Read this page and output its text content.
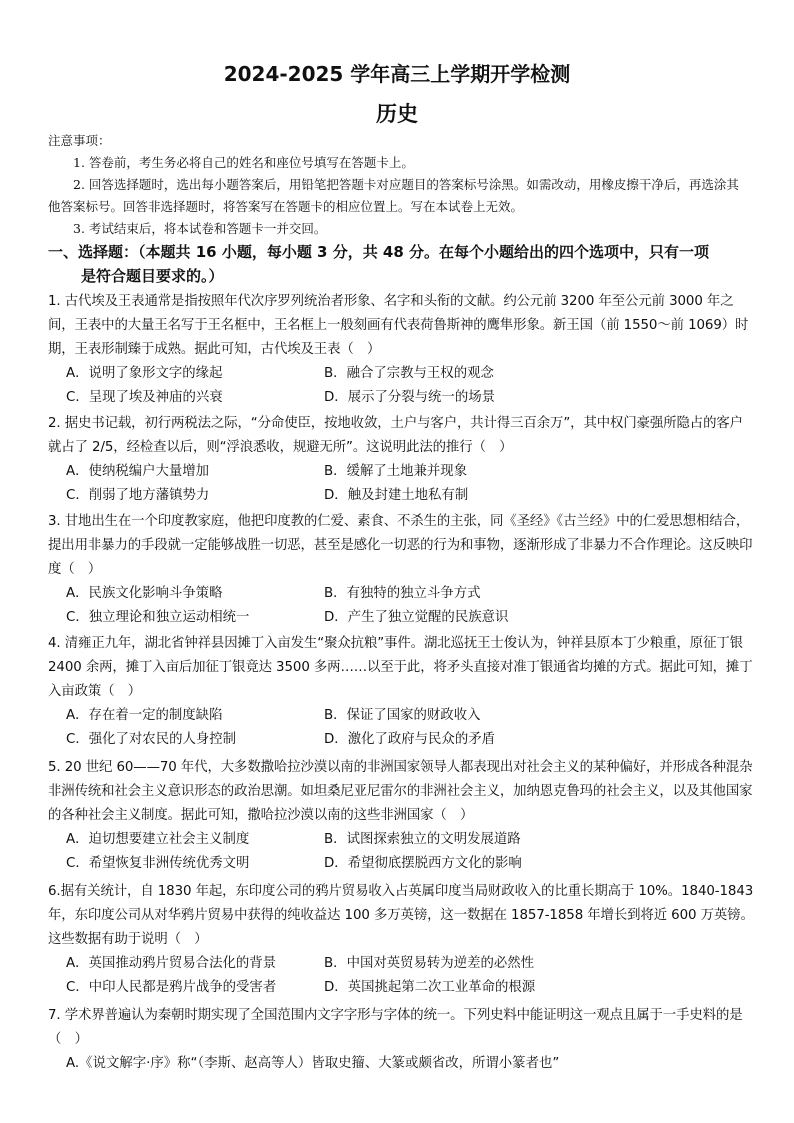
2024-2025 学年高三上学期开学检测
历史
注意事项：
1. 答卷前，考生务必将自己的姓名和座位号填写在答题卡上。
2. 回答选择题时，选出每小题答案后，用铅笔把答题卡对应题目的答案标号涂黑。如需改动，用橡皮擦干净后，再选涂其他答案标号。回答非选择题时，将答案写在答题卡的相应位置上。写在本试卷上无效。
3. 考试结束后，将本试卷和答题卡一并交回。
一、选择题：（本题共 16 小题，每小题 3 分，共 48 分。在每个小题给出的四个选项中，只有一项
是符合题目要求的。）
1. 古代埃及王表通常是指按照年代次序罗列统治者形象、名字和头衔的文献。约公元前 3200 年至公元前 3000 年之间，王表中的大量王名写于王名框中，王名框上一般刻画有代表荷鲁斯神的鹰隼形象。新王国（前 1550～前 1069）时期，王表形制臻于成熟。据此可知，古代埃及王表（　）
A．说明了象形文字的缘起	B．融合了宗教与王权的观念
C．呈现了埃及神庙的兴衰	D．展示了分裂与统一的场景
2. 据史书记载，初行两税法之际，“分命使臣，按地收敛，土户与客户，共计得三百余万”，其中权门豪强所隐占的客户就占了 2/5，经检查以后，则“浮浪悉收，规避无所”。这说明此法的推行（　）
A．使纳税编户大量增加	B．缓解了土地兼并现象
C．削弱了地方藩镇势力	D．触及封建土地私有制
3. 甘地出生在一个印度教家庭，他把印度教的仁爱、素食、不杀生的主张，同《圣经》《古兰经》中的仁爱思想相结合，提出用非暴力的手段就一定能够战胜一切恶，甚至是感化一切恶的行为和事物，逐渐形成了非暴力不合作理论。这反映印度（　）
A．民族文化影响斗争策略	B．有独特的独立斗争方式
C．独立理论和独立运动相统一	D．产生了独立觉醒的民族意识
4. 清雍正九年，湖北省钟祥县因摊丁入亩发生“聚众抗粮”事件。湖北巡抚王士俊认为，钟祥县原本丁少粮重，原征丁银 2400 余两，摊丁入亩后加征丁银竟达 3500 多两……以至于此，将矛头直接对准丁银通省均摊的方式。据此可知，摊丁入亩政策（　）
A．存在着一定的制度缺陷	B．保证了国家的财政收入
C．强化了对农民的人身控制	D．激化了政府与民众的矛盾
5. 20 世纪 60——70 年代，大多数撒哈拉沙漠以南的非洲国家领导人都表现出对社会主义的某种偏好，并形成各种混杂非洲传统和社会主义意识形态的政治思潮。如坦桑尼亚尼雷尔的非洲社会主义，加纳恩克鲁玛的社会主义，以及其他国家的各种社会主义制度。据此可知，撒哈拉沙漠以南的这些非洲国家（　）
A．迫切想要建立社会主义制度	B．试图探索独立的文明发展道路
C．希望恢复非洲传统优秀文明	D．希望彻底摆脱西方文化的影响
6.据有关统计，自 1830 年起，东印度公司的鸦片贸易收入占英属印度当局财政收入的比重长期高于 10%。1840-1843 年，东印度公司从对华鸦片贸易中获得的纯收益达 100 多万英镑，这一数据在 1857-1858 年增长到将近 600 万英镑。这些数据有助于说明（　）
A．英国推动鸦片贸易合法化的背景	B．中国对英贸易转为逆差的必然性
C．中印人民都是鸦片战争的受害者	D．英国挑起第二次工业革命的根源
7. 学术界普遍认为秦朝时期实现了全国范围内文字字形与字体的统一。下列史料中能证明这一观点且属于一手史料的是（　）
A.《说文解字·序》称“（李斯、赵高等人）皆取史籀、大篆或颇省改，所谓小篆者也”
